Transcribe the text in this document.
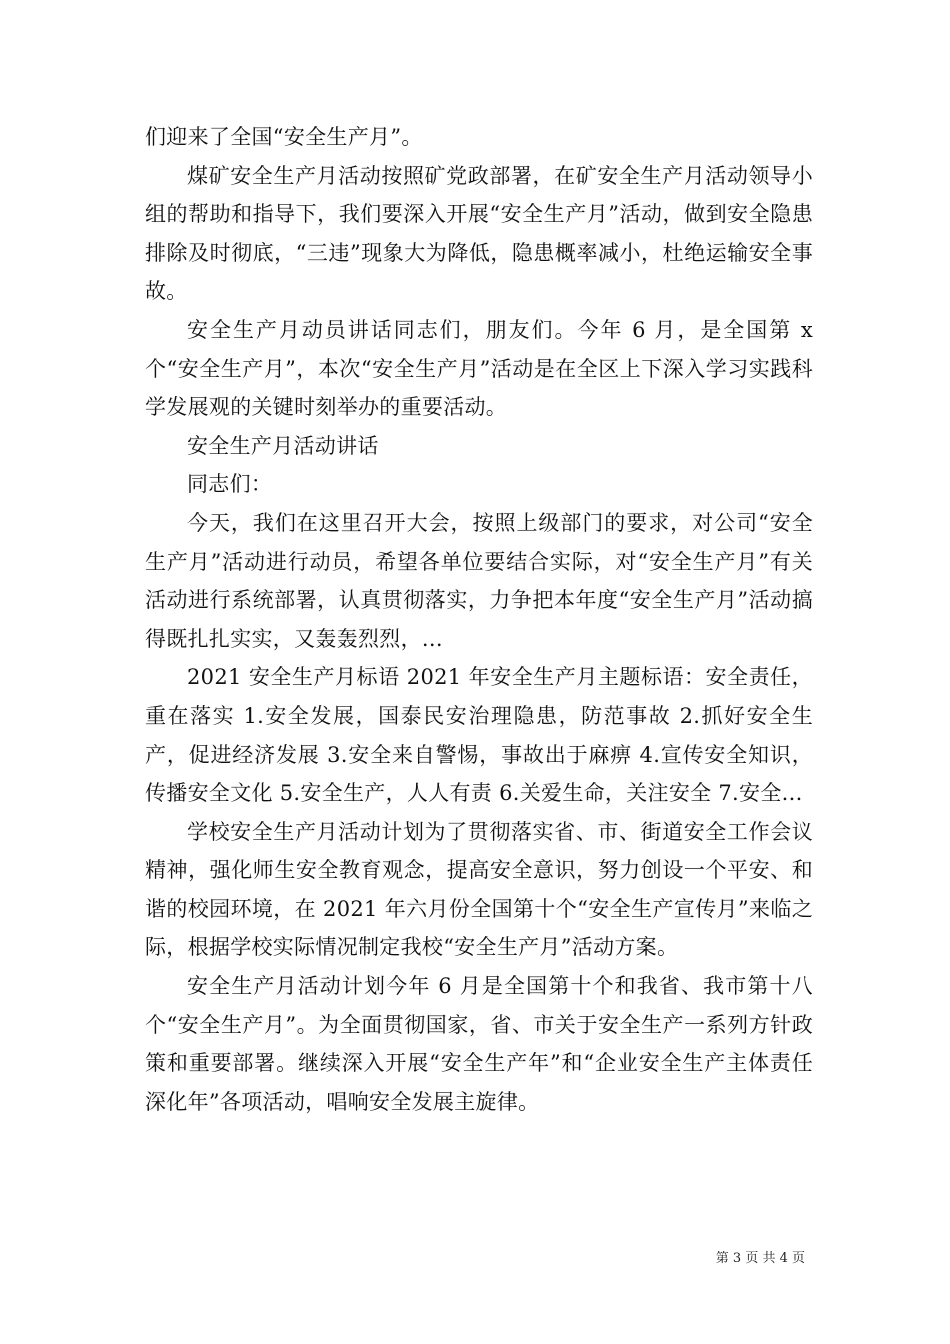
们迎来了全国“安全生产月”。

煤矿安全生产月活动按照矿党政部署，在矿安全生产月活动领导小组的帮助和指导下，我们要深入开展“安全生产月”活动，做到安全隐患排除及时彻底，“三违”现象大为降低，隐患概率减小，杜绝运输安全事故。

安全生产月动员讲话同志们，朋友们。今年 6 月，是全国第 x 个“安全生产月”，本次“安全生产月”活动是在全区上下深入学习实践科学发展观的关键时刻举办的重要活动。

安全生产月活动讲话

同志们：

今天，我们在这里召开大会，按照上级部门的要求，对公司“安全生产月”活动进行动员，希望各单位要结合实际，对“安全生产月”有关活动进行系统部署，认真贯彻落实，力争把本年度“安全生产月”活动搞得既扎扎实实，又轰轰烈烈，...

2021 安全生产月标语 2021 年安全生产月主题标语：安全责任，重在落实 1.安全发展，国泰民安治理隐患，防范事故 2.抓好安全生产，促进经济发展 3.安全来自警惕，事故出于麻痹 4.宣传安全知识，传播安全文化 5.安全生产，人人有责 6.关爱生命，关注安全 7.安全...

学校安全生产月活动计划为了贯彻落实省、市、街道安全工作会议精神，强化师生安全教育观念，提高安全意识，努力创设一个平安、和谐的校园环境，在 2021 年六月份全国第十个“安全生产宣传月”来临之际，根据学校实际情况制定我校“安全生产月”活动方案。

安全生产月活动计划今年 6 月是全国第十个和我省、我市第十八个“安全生产月”。为全面贯彻国家，省、市关于安全生产一系列方针政策和重要部署。继续深入开展“安全生产年”和“企业安全生产主体责任深化年”各项活动，唱响安全发展主旋律。

第 3 页 共 4 页
